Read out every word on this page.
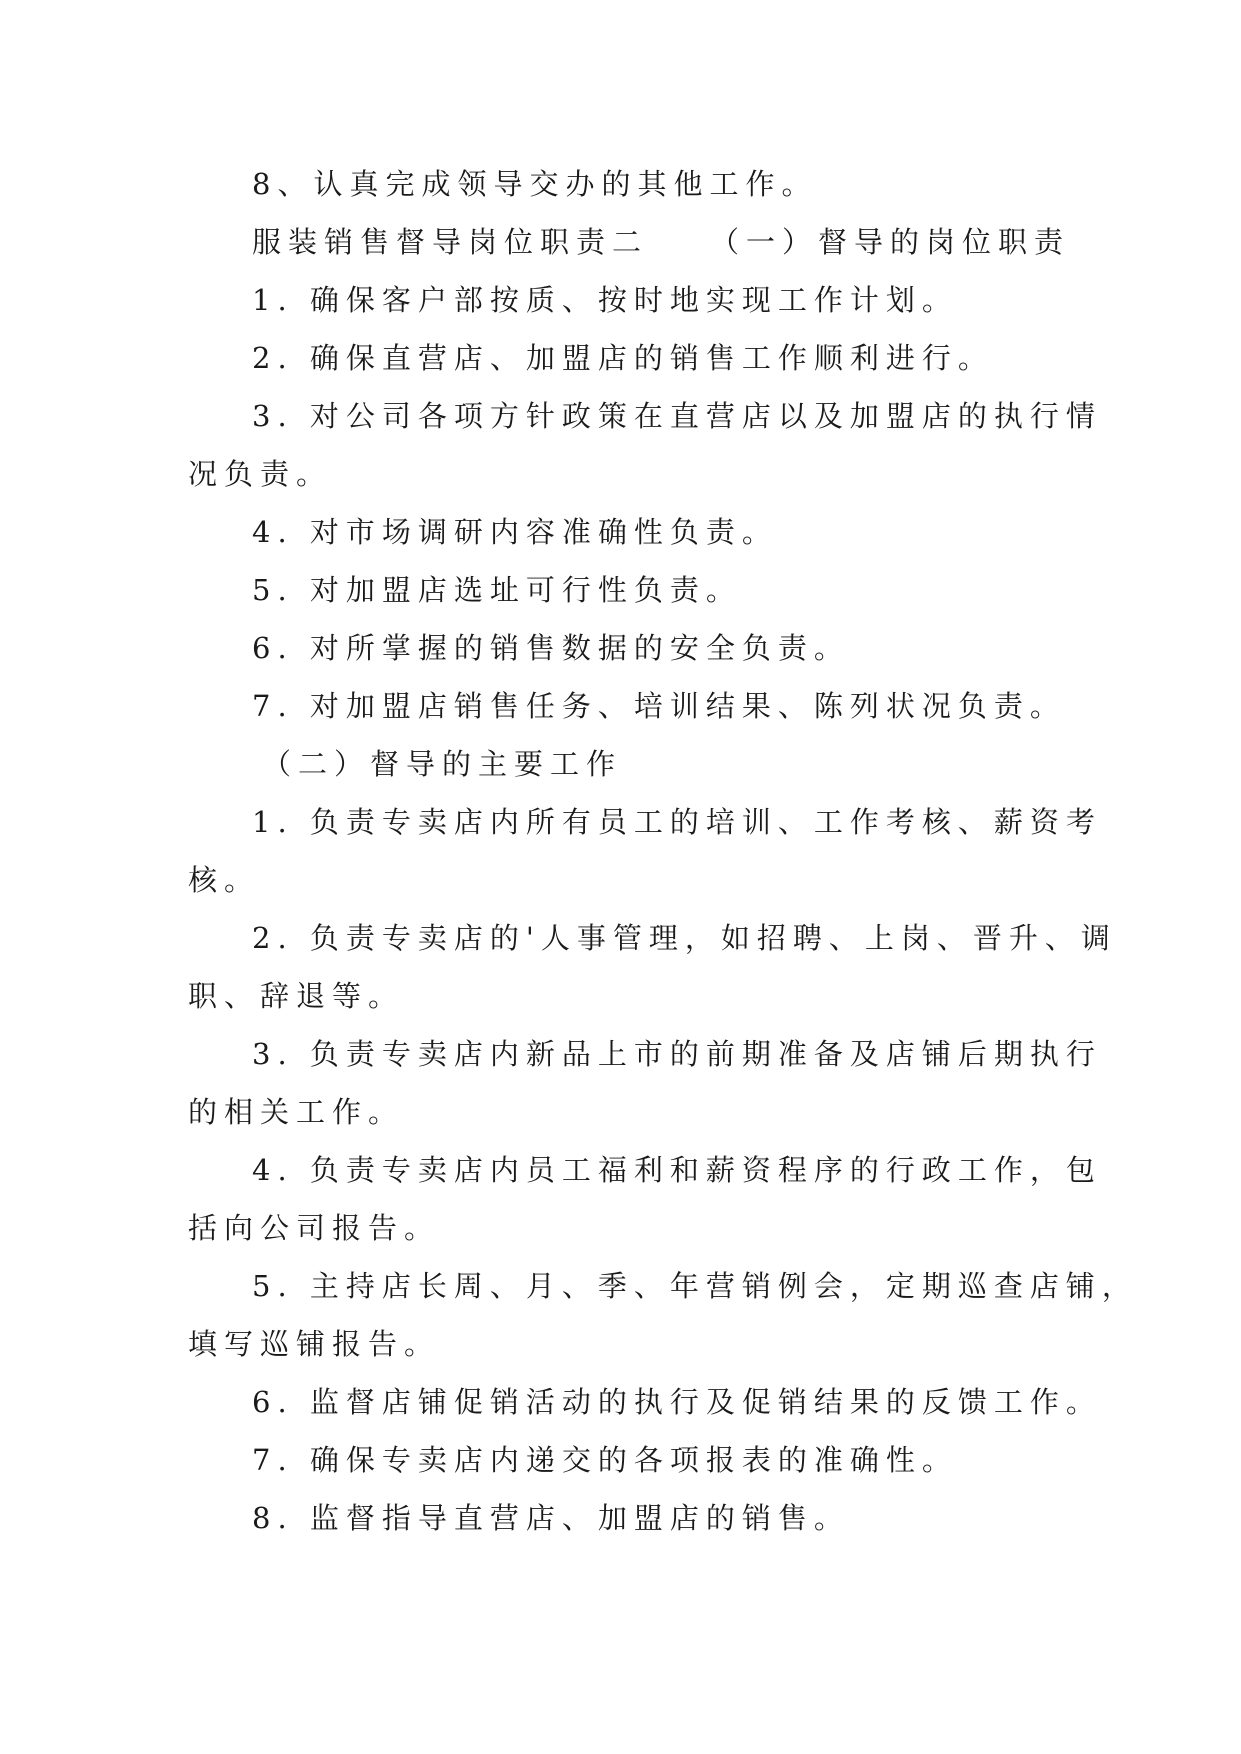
8、认真完成领导交办的其他工作。
服装销售督导岗位职责二 （一）督导的岗位职责
1. 确保客户部按质、按时地实现工作计划。
2. 确保直营店、加盟店的销售工作顺利进行。
3. 对公司各项方针政策在直营店以及加盟店的执行情
况负责。
4. 对市场调研内容准确性负责。
5. 对加盟店选址可行性负责。
6. 对所掌握的销售数据的安全负责。
7. 对加盟店销售任务、培训结果、陈列状况负责。
（二）督导的主要工作
1. 负责专卖店内所有员工的培训、工作考核、薪资考
核。
2. 负责专卖店的'人事管理，如招聘、上岗、晋升、调
职、辞退等。
3. 负责专卖店内新品上市的前期准备及店铺后期执行
的相关工作。
4. 负责专卖店内员工福利和薪资程序的行政工作，包
括向公司报告。
5. 主持店长周、月、季、年营销例会，定期巡查店铺，
填写巡铺报告。
6. 监督店铺促销活动的执行及促销结果的反馈工作。
7. 确保专卖店内递交的各项报表的准确性。
8. 监督指导直营店、加盟店的销售。
